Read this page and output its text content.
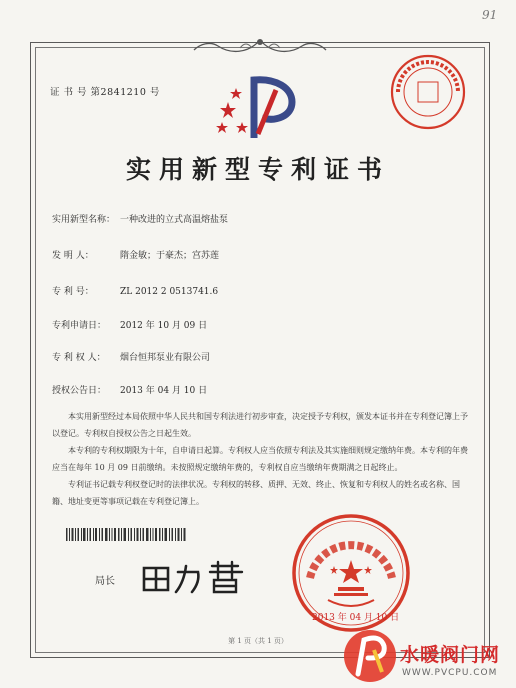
91
证 书 号 第2841210 号
实用新型专利证书
实用新型名称： 一种改进的立式高温熔盐泵
发 明 人：	隋金敏；于豪杰；宫苏莲
专 利 号：	ZL 2012 2 0513741.6
专利申请日： 2012 年 10 月 09 日
专 利 权 人： 烟台恒邦泵业有限公司
授权公告日： 2013 年 04 月 10 日

本实用新型经过本局依照中华人民共和国专利法进行初步审查，决定授予专利权，颁发本证书并在专利登记簿上予以登记。专利权自授权公告之日起生效。

本专利的专利权期限为十年，自申请日起算。专利权人应当依照专利法及其实施细则规定缴纳年费。本专利的年费应当在每年 10 月 09 日前缴纳。未按照规定缴纳年费的，专利权自应当缴纳年费期满之日起终止。

专利证书记载专利权登记时的法律状况。专利权的转移、质押、无效、终止、恢复和专利权人的姓名或名称、国籍、地址变更等事项记载在专利登记簿上。

局长
2013 年 04 月 10 日
第 1 页（共 1 页）
水暖阀门网
WWW.PVCPU.COM
